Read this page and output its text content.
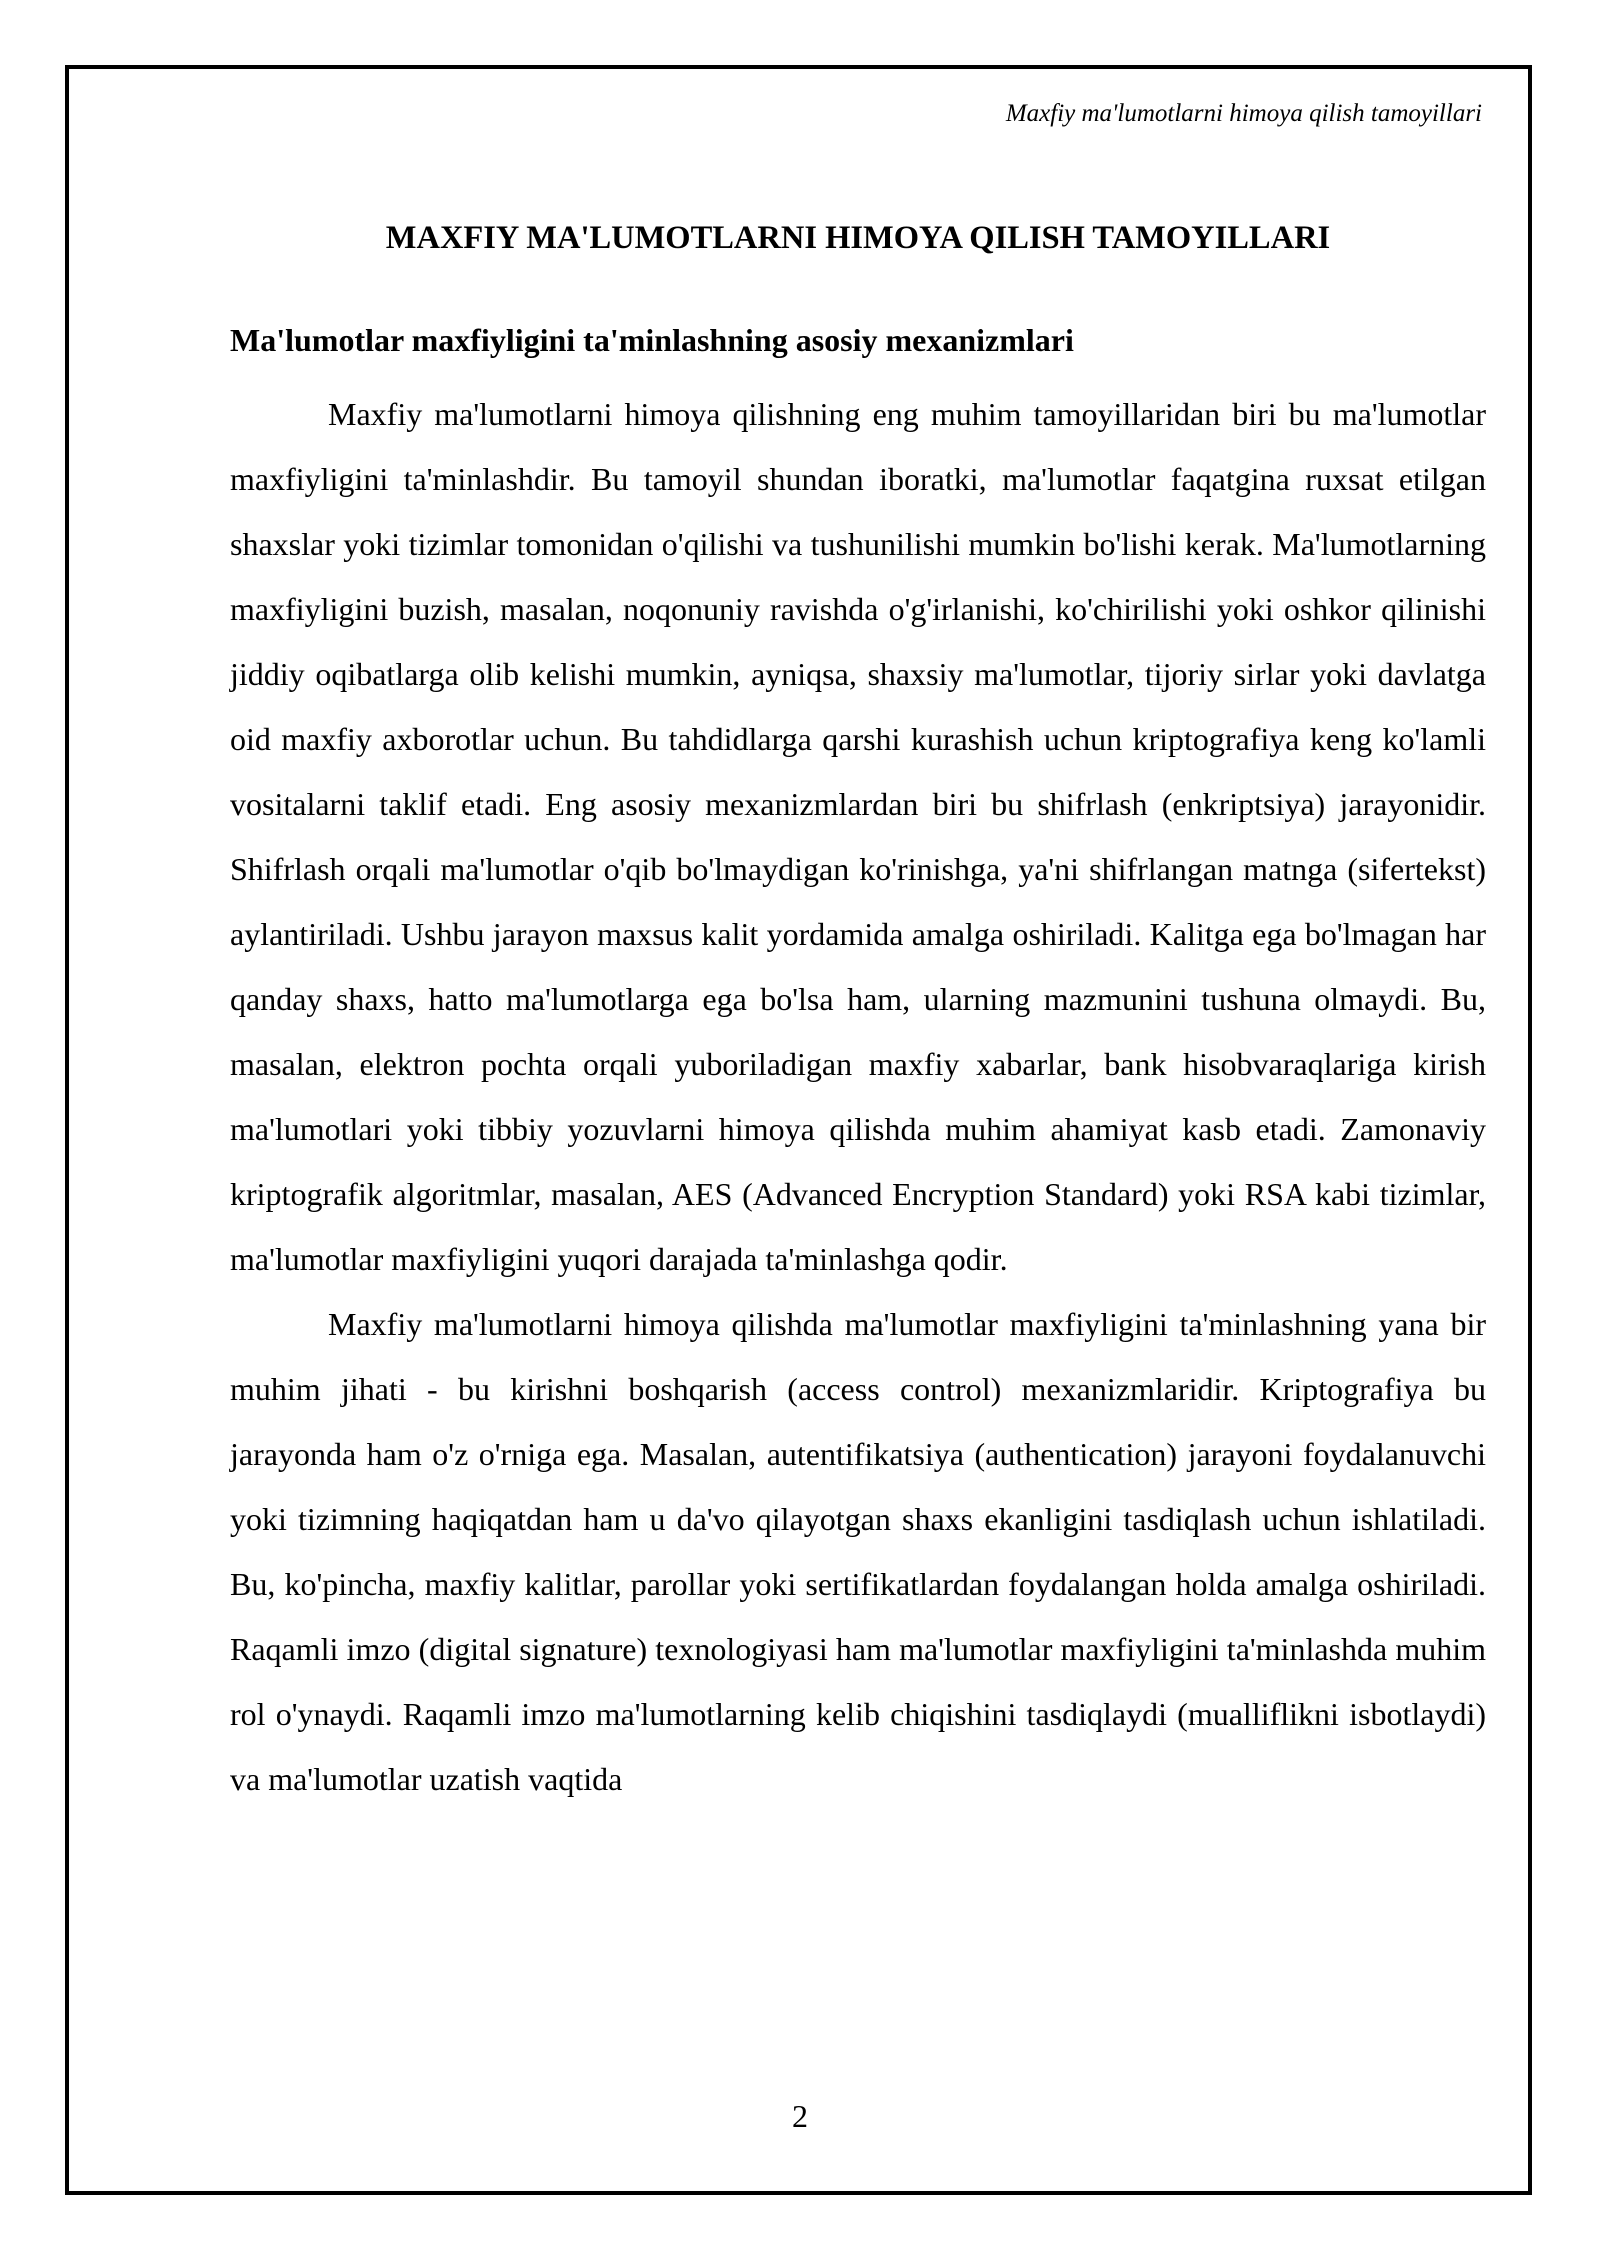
Maxfiy ma'lumotlarni himoya qilish tamoyillari
MAXFIY MA'LUMOTLARNI HIMOYA QILISH TAMOYILLARI
Ma'lumotlar maxfiyligini ta'minlashning asosiy mexanizmlari

Maxfiy ma'lumotlarni himoya qilishning eng muhim tamoyillaridan biri bu ma'lumotlar maxfiyligini ta'minlashdir. Bu tamoyil shundan iboratki, ma'lumotlar faqatgina ruxsat etilgan shaxslar yoki tizimlar tomonidan o'qilishi va tushunilishi mumkin bo'lishi kerak. Ma'lumotlarning maxfiyligini buzish, masalan, noqonuniy ravishda o'g'irlanishi, ko'chirilishi yoki oshkor qilinishi jiddiy oqibatlarga olib kelishi mumkin, ayniqsa, shaxsiy ma'lumotlar, tijoriy sirlar yoki davlatga oid maxfiy axborotlar uchun. Bu tahdidlarga qarshi kurashish uchun kriptografiya keng ko'lamli vositalarni taklif etadi. Eng asosiy mexanizmlardan biri bu shifrlash (enkriptsiya) jarayonidir. Shifrlash orqali ma'lumotlar o'qib bo'lmaydigan ko'rinishga, ya'ni shifrlangan matnga (sifertekst) aylantiriladi. Ushbu jarayon maxsus kalit yordamida amalga oshiriladi. Kalitga ega bo'lmagan har qanday shaxs, hatto ma'lumotlarga ega bo'lsa ham, ularning mazmunini tushuna olmaydi. Bu, masalan, elektron pochta orqali yuboriladigan maxfiy xabarlar, bank hisobvaraqlariga kirish ma'lumotlari yoki tibbiy yozuvlarni himoya qilishda muhim ahamiyat kasb etadi. Zamonaviy kriptografik algoritmlar, masalan, AES (Advanced Encryption Standard) yoki RSA kabi tizimlar, ma'lumotlar maxfiyligini yuqori darajada ta'minlashga qodir.

Maxfiy ma'lumotlarni himoya qilishda ma'lumotlar maxfiyligini ta'minlashning yana bir muhim jihati - bu kirishni boshqarish (access control) mexanizmlaridir. Kriptografiya bu jarayonda ham o'z o'rniga ega. Masalan, autentifikatsiya (authentication) jarayoni foydalanuvchi yoki tizimning haqiqatdan ham u da'vo qilayotgan shaxs ekanligini tasdiqlash uchun ishlatiladi. Bu, ko'pincha, maxfiy kalitlar, parollar yoki sertifikatlardan foydalangan holda amalga oshiriladi. Raqamli imzo (digital signature) texnologiyasi ham ma'lumotlar maxfiyligini ta'minlashda muhim rol o'ynaydi. Raqamli imzo ma'lumotlarning kelib chiqishini tasdiqlaydi (mualliflikni isbotlaydi) va ma'lumotlar uzatish vaqtida

2
